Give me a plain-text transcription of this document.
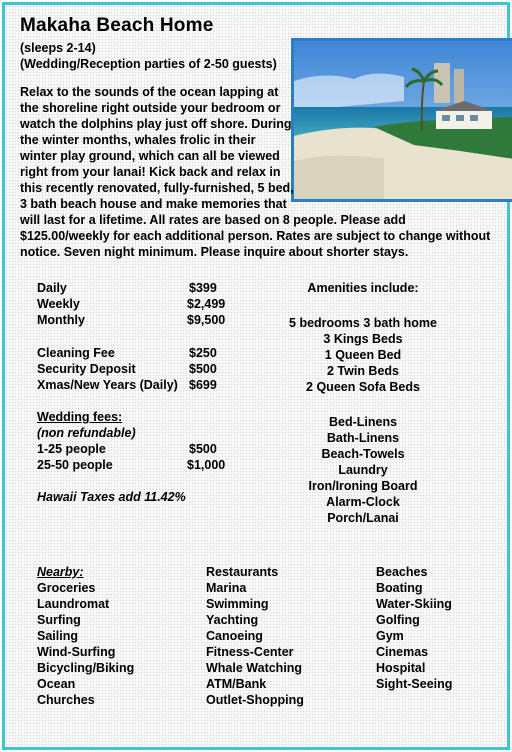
Makaha Beach Home
(sleeps 2-14)
(Wedding/Reception parties of 2-50 guests)
Relax to the sounds of the ocean lapping at
the shoreline right outside your bedroom or
watch the dolphins play just off shore. During
the winter months, whales frolic in their
winter play ground, which can all be viewed
right from your lanai! Kick back and relax in
this recently renovated, fully-furnished, 5 bed,
3 bath beach house and make memories that
will last for a lifetime. All rates are based on 8 people. Please add
$125.00/weekly for each additional person. Rates are subject to change without
notice. Seven night minimum. Please inquire about shorter stays.
Daily	$399
Weekly	$2,499
Monthly	$9,500
Cleaning Fee	$250
Security Deposit	$500
Xmas/New Years (Daily) $699
Wedding fees:
(non refundable)
1-25 people	$500
25-50 people	$1,000
Hawaii Taxes add 11.42%
Amenities include:
5 bedrooms 3 bath home
3 Kings Beds
1 Queen Bed
2 Twin Beds
2 Queen Sofa Beds
Bed-Linens
Bath-Linens
Beach-Towels
Laundry
Iron/Ironing Board
Alarm-Clock
Porch/Lanai
Nearby:
Groceries
Laundromat
Surfing
Sailing
Wind-Surfing
Bicycling/Biking
Ocean
Churches
Restaurants
Marina
Swimming
Yachting
Canoeing
Fitness-Center
Whale Watching
ATM/Bank
Outlet-Shopping
Beaches
Boating
Water-Skiing
Golfing
Gym
Cinemas
Hospital
Sight-Seeing
